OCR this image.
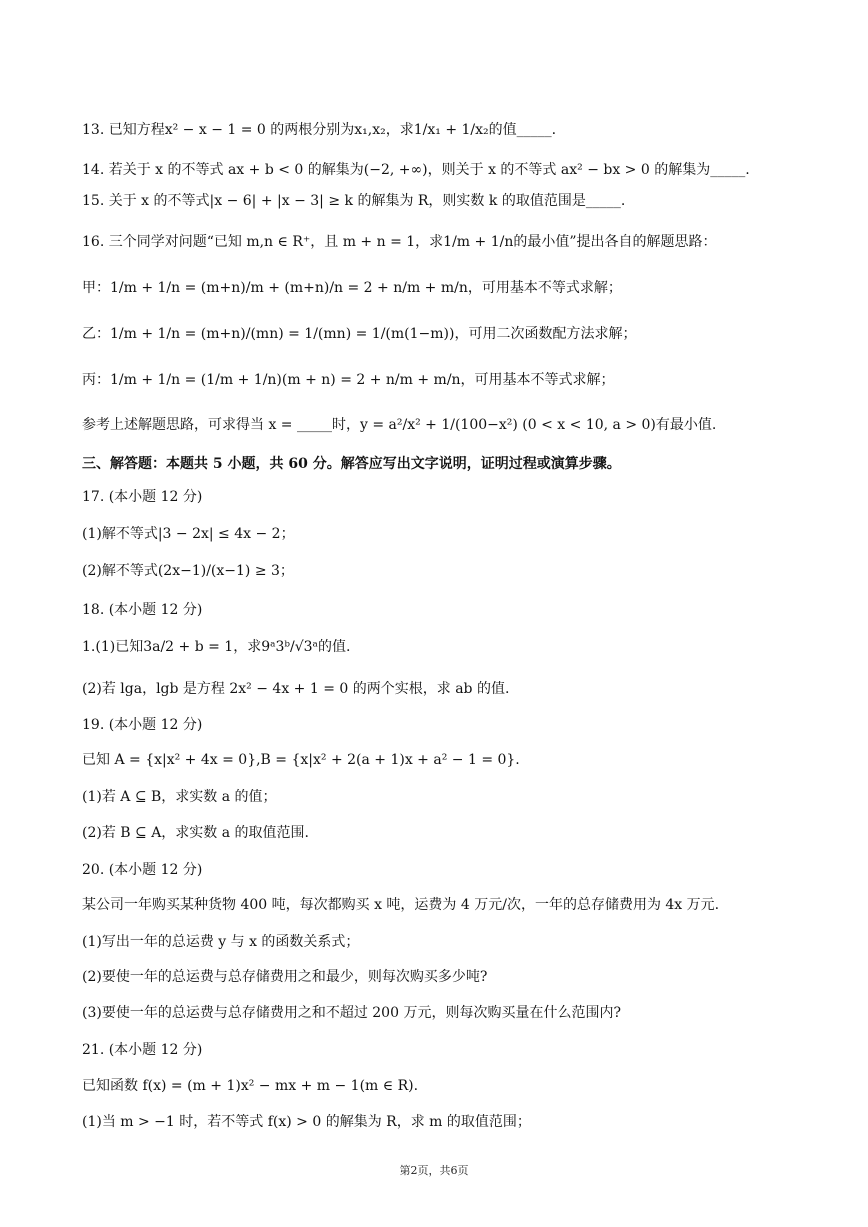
13. 已知方程x² − x − 1 = 0 的两根分别为x₁,x₂，求1/x₁ + 1/x₂的值_____.
14. 若关于 x 的不等式 ax + b < 0 的解集为(−2, +∞)，则关于 x 的不等式 ax² − bx > 0 的解集为_____.
15. 关于 x 的不等式|x − 6| + |x − 3| ≥ k 的解集为 R，则实数 k 的取值范围是_____.
16. 三个同学对问题“已知 m,n ∈ R⁺，且 m + n = 1，求1/m + 1/n的最小值”提出各自的解题思路：
甲：1/m + 1/n = (m+n)/m + (m+n)/n = 2 + n/m + m/n，可用基本不等式求解；
乙：1/m + 1/n = (m+n)/(mn) = 1/(mn) = 1/(m(1−m))，可用二次函数配方法求解；
丙：1/m + 1/n = (1/m + 1/n)(m + n) = 2 + n/m + m/n，可用基本不等式求解；
参考上述解题思路，可求得当 x = _____时，y = a²/x² + 1/(100−x²) (0 < x < 10, a > 0)有最小值.
三、解答题：本题共 5 小题，共 60 分。解答应写出文字说明，证明过程或演算步骤。
17. (本小题 12 分)
(1)解不等式|3 − 2x| ≤ 4x − 2；
(2)解不等式(2x−1)/(x−1) ≥ 3；
18. (本小题 12 分)
1.(1)已知3a/2 + b = 1，求9ᵃ3ᵇ/√3ᵃ的值.
(2)若 lga，lgb 是方程 2x² − 4x + 1 = 0 的两个实根，求 ab 的值.
19. (本小题 12 分)
已知 A = {x|x² + 4x = 0},B = {x|x² + 2(a + 1)x + a² − 1 = 0}.
(1)若 A ⊆ B，求实数 a 的值；
(2)若 B ⊆ A，求实数 a 的取值范围.
20. (本小题 12 分)
某公司一年购买某种货物 400 吨，每次都购买 x 吨，运费为 4 万元/次，一年的总存储费用为 4x 万元.
(1)写出一年的总运费 y 与 x 的函数关系式；
(2)要使一年的总运费与总存储费用之和最少，则每次购买多少吨?
(3)要使一年的总运费与总存储费用之和不超过 200 万元，则每次购买量在什么范围内?
21. (本小题 12 分)
已知函数 f(x) = (m + 1)x² − mx + m − 1(m ∈ R).
(1)当 m > −1 时，若不等式 f(x) > 0 的解集为 R，求 m 的取值范围；
第2页，共6页
